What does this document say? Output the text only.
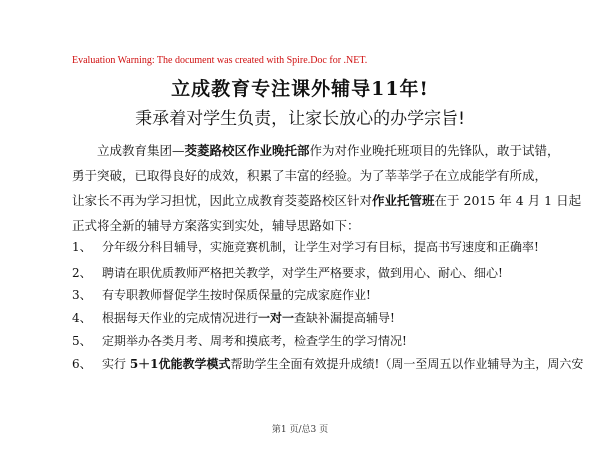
Evaluation Warning: The document was created with Spire.Doc for .NET.
立成教育专注课外辅导11年!
秉承着对学生负责，让家长放心的办学宗旨!
立成教育集团—茭菱路校区作业晚托部作为对作业晚托班项目的先锋队，敢于试错，
勇于突破，已取得良好的成效，积累了丰富的经验。为了莘莘学子在立成能学有所成，
让家长不再为学习担忧，因此立成教育茭菱路校区针对作业托管班在于 2015 年 4 月 1 日起
正式将全新的辅导方案落实到实处，辅导思路如下：
1、 分年级分科目辅导，实施竞赛机制，让学生对学习有目标，提高书写速度和正确率!
2、 聘请在职优质教师严格把关教学，对学生严格要求，做到用心、耐心、细心!
3、 有专职教师督促学生按时保质保量的完成家庭作业!
4、 根据每天作业的完成情况进行一对一查缺补漏提高辅导!
5、 定期举办各类月考、周考和摸底考，检查学生的学习情况!
6、 实行 5＋1优能教学模式帮助学生全面有效提升成绩!（周一至周五以作业辅导为主，周六安
第1 页/总3 页
